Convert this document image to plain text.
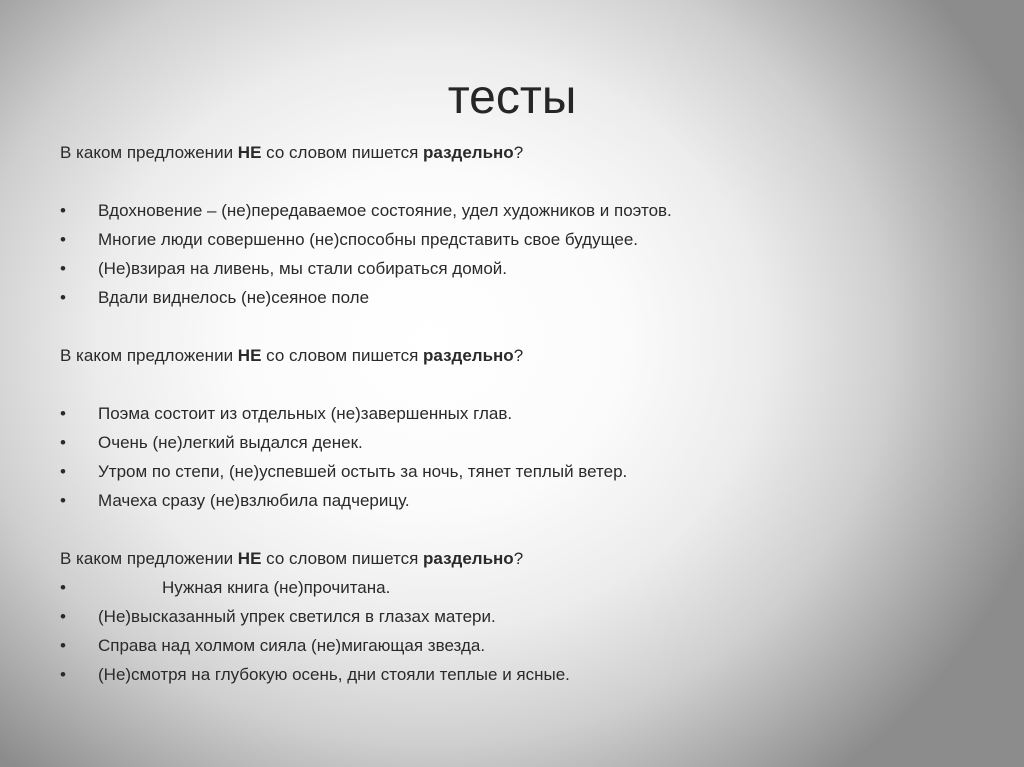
тесты

В каком предложении НЕ со словом пишется раздельно?

•	Вдохновение – (не)передаваемое состояние, удел художников и поэтов.
•	Многие люди совершенно (не)способны представить свое будущее.
•	(Не)взирая на ливень, мы стали собираться домой.
•	Вдали виднелось (не)сеяное поле

В каком предложении НЕ со словом пишется раздельно?

•	Поэма состоит из отдельных (не)завершенных глав.
•	Очень (не)легкий выдался денек.
•	Утром по степи, (не)успевшей остыть за ночь, тянет теплый ветер.
•	Мачеха сразу (не)взлюбила падчерицу.

В каком предложении НЕ со словом пишется раздельно?

•	Нужная книга (не)прочитана.
•	(Не)высказанный упрек светился в глазах матери.
•	Справа над холмом сияла (не)мигающая звезда.
•	(Не)смотря на глубокую осень, дни стояли теплые и ясные.
